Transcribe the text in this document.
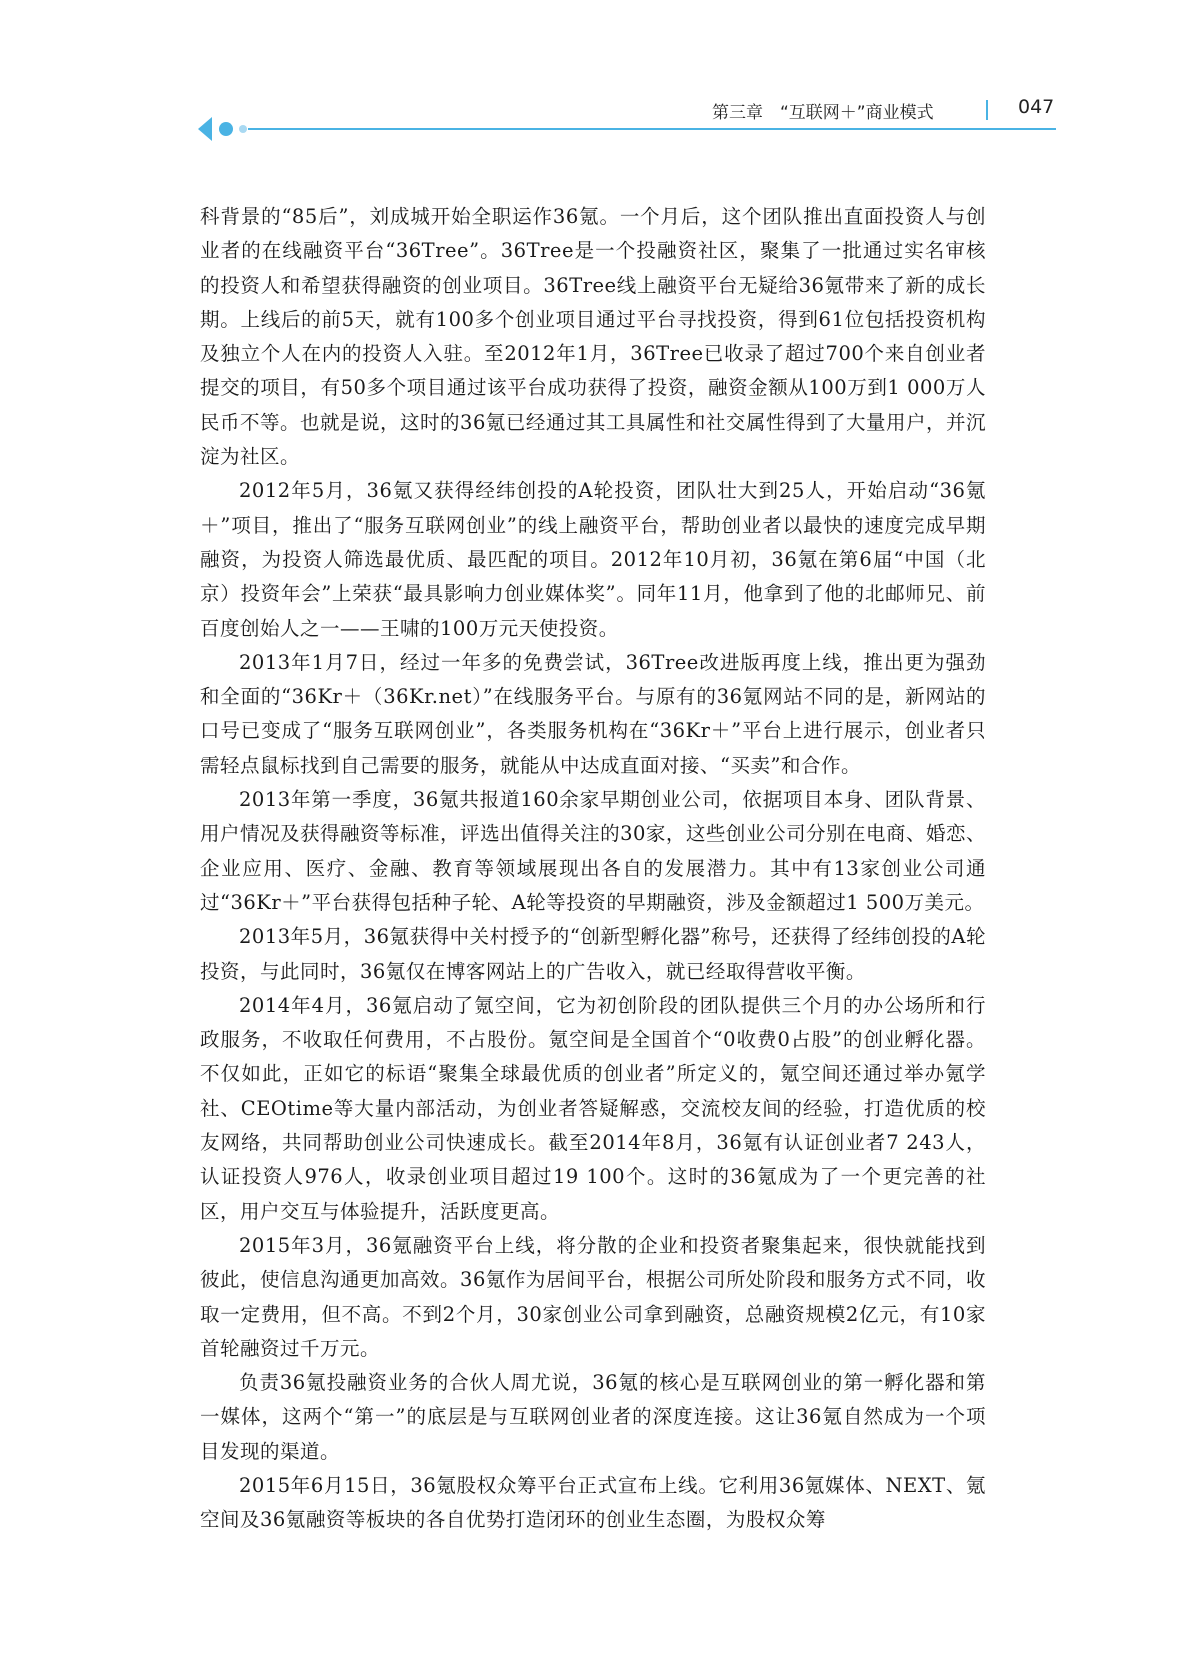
第三章　“互联网＋”商业模式	047

科背景的“85后”，刘成城开始全职运作36氪。一个月后，这个团队推出直面投资人与创业者的在线融资平台“36Tree”。36Tree是一个投融资社区，聚集了一批通过实名审核的投资人和希望获得融资的创业项目。36Tree线上融资平台无疑给36氪带来了新的成长期。上线后的前5天，就有100多个创业项目通过平台寻找投资，得到61位包括投资机构及独立个人在内的投资人入驻。至2012年1月，36Tree已收录了超过700个来自创业者提交的项目，有50多个项目通过该平台成功获得了投资，融资金额从100万到1 000万人民币不等。也就是说，这时的36氪已经通过其工具属性和社交属性得到了大量用户，并沉淀为社区。

2012年5月，36氪又获得经纬创投的A轮投资，团队壮大到25人，开始启动“36氪＋”项目，推出了“服务互联网创业”的线上融资平台，帮助创业者以最快的速度完成早期融资，为投资人筛选最优质、最匹配的项目。2012年10月初，36氪在第6届“中国（北京）投资年会”上荣获“最具影响力创业媒体奖”。同年11月，他拿到了他的北邮师兄、前百度创始人之一——王啸的100万元天使投资。

2013年1月7日，经过一年多的免费尝试，36Tree改进版再度上线，推出更为强劲和全面的“36Kr＋（36Kr.net）”在线服务平台。与原有的36氪网站不同的是，新网站的口号已变成了“服务互联网创业”，各类服务机构在“36Kr＋”平台上进行展示，创业者只需轻点鼠标找到自己需要的服务，就能从中达成直面对接、“买卖”和合作。

2013年第一季度，36氪共报道160余家早期创业公司，依据项目本身、团队背景、用户情况及获得融资等标准，评选出值得关注的30家，这些创业公司分别在电商、婚恋、企业应用、医疗、金融、教育等领域展现出各自的发展潜力。其中有13家创业公司通过“36Kr＋”平台获得包括种子轮、A轮等投资的早期融资，涉及金额超过1 500万美元。

2013年5月，36氪获得中关村授予的“创新型孵化器”称号，还获得了经纬创投的A轮投资，与此同时，36氪仅在博客网站上的广告收入，就已经取得营收平衡。

2014年4月，36氪启动了氪空间，它为初创阶段的团队提供三个月的办公场所和行政服务，不收取任何费用，不占股份。氪空间是全国首个“0收费0占股”的创业孵化器。不仅如此，正如它的标语“聚集全球最优质的创业者”所定义的，氪空间还通过举办氪学社、CEOtime等大量内部活动，为创业者答疑解惑，交流校友间的经验，打造优质的校友网络，共同帮助创业公司快速成长。截至2014年8月，36氪有认证创业者7 243人，认证投资人976人，收录创业项目超过19 100个。这时的36氪成为了一个更完善的社区，用户交互与体验提升，活跃度更高。

2015年3月，36氪融资平台上线，将分散的企业和投资者聚集起来，很快就能找到彼此，使信息沟通更加高效。36氪作为居间平台，根据公司所处阶段和服务方式不同，收取一定费用，但不高。不到2个月，30家创业公司拿到融资，总融资规模2亿元，有10家首轮融资过千万元。

负责36氪投融资业务的合伙人周尤说，36氪的核心是互联网创业的第一孵化器和第一媒体，这两个“第一”的底层是与互联网创业者的深度连接。这让36氪自然成为一个项目发现的渠道。

2015年6月15日，36氪股权众筹平台正式宣布上线。它利用36氪媒体、NEXT、氪空间及36氪融资等板块的各自优势打造闭环的创业生态圈，为股权众筹
